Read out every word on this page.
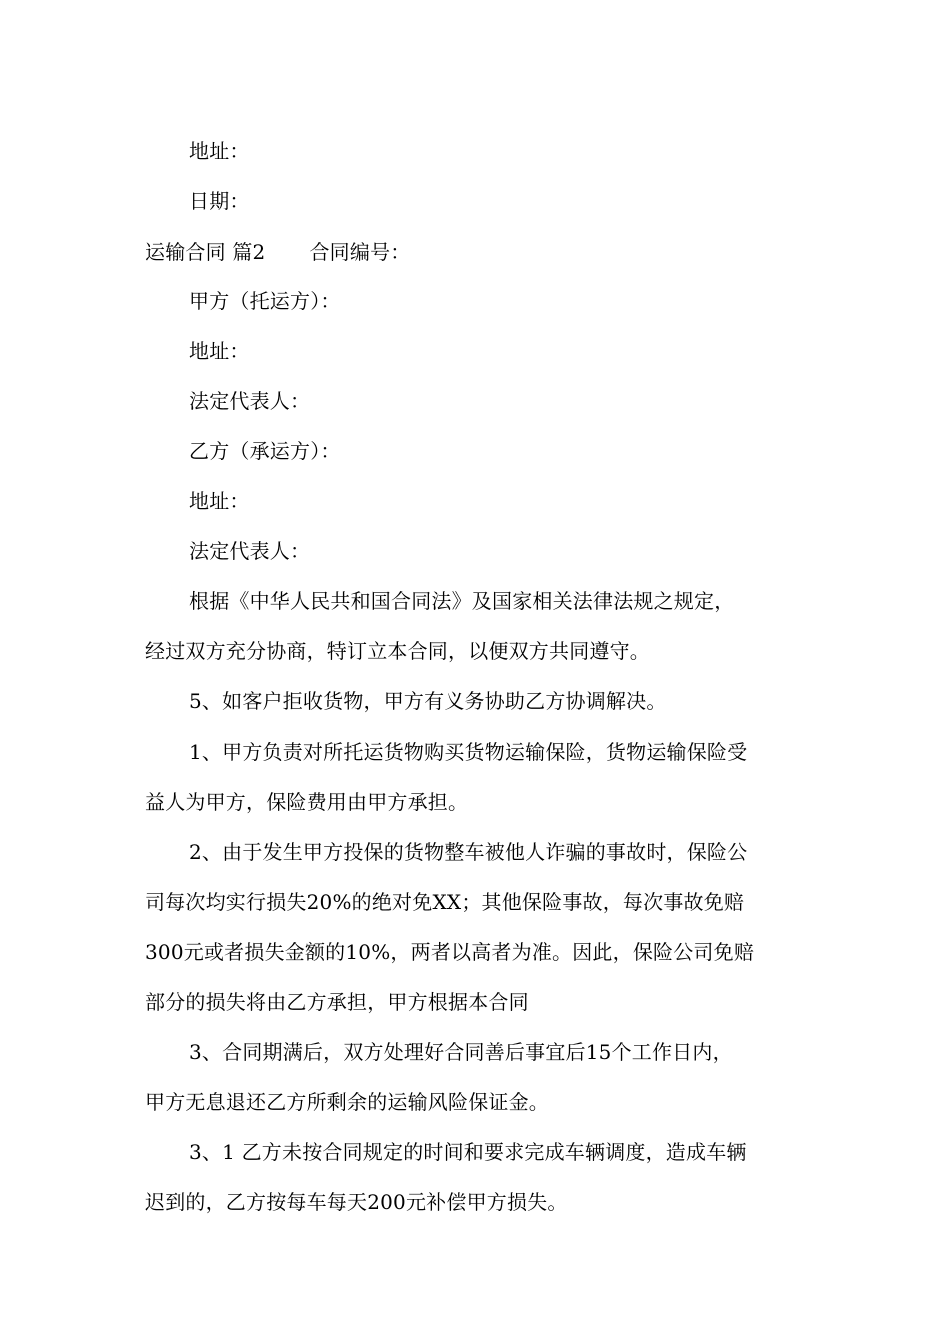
地址：
日期：
运输合同 篇2 合同编号：
甲方（托运方）：
地址：
法定代表人：
乙方（承运方）：
地址：
法定代表人：
根据《中华人民共和国合同法》及国家相关法律法规之规定，
经过双方充分协商，特订立本合同，以便双方共同遵守。
5、如客户拒收货物，甲方有义务协助乙方协调解决。
1、甲方负责对所托运货物购买货物运输保险，货物运输保险受
益人为甲方，保险费用由甲方承担。
2、由于发生甲方投保的货物整车被他人诈骗的事故时，保险公
司每次均实行损失20%的绝对免XX；其他保险事故，每次事故免赔
300元或者损失金额的10%，两者以高者为准。因此，保险公司免赔
部分的损失将由乙方承担，甲方根据本合同
3、合同期满后，双方处理好合同善后事宜后15个工作日内，
甲方无息退还乙方所剩余的运输风险保证金。
3、1 乙方未按合同规定的时间和要求完成车辆调度，造成车辆
迟到的，乙方按每车每天200元补偿甲方损失。
